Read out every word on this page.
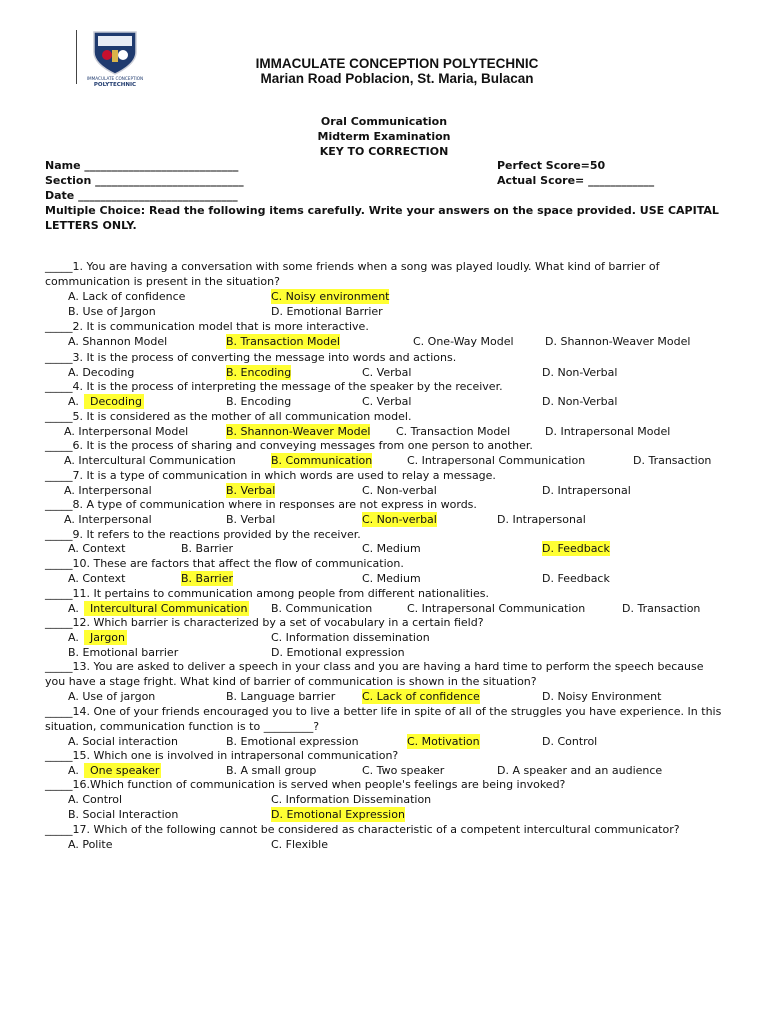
IMMACULATE CONCEPTION
POLYTECHNIC
IMMACULATE CONCEPTION POLYTECHNIC
Marian Road Poblacion, St. Maria, Bulacan
Oral Communication
Midterm Examination
KEY TO CORRECTION
Name ____________________________
Section ___________________________
Date _____________________________
Perfect Score=50
Actual Score= ____________
Multiple Choice: Read the following items carefully. Write your answers on the space provided. USE CAPITAL LETTERS ONLY.
_____1. You are having a conversation with some friends when a song was played loudly. What kind of barrier of communication is present in the situation?
A. Lack of confidence	C. Noisy environment
B. Use of Jargon	D. Emotional Barrier
_____2. It is communication model that is more interactive.
A. Shannon Model	B. Transaction Model	C. One-Way Model	D. Shannon-Weaver Model
_____3. It is the process of converting the message into words and actions.
A. Decoding	B. Encoding	C. Verbal	D. Non-Verbal
_____4. It is the process of interpreting the message of the speaker by the receiver.
A.	Decoding	B. Encoding	C. Verbal	D. Non-Verbal
_____5. It is considered as the mother of all communication model.
A. Interpersonal Model	B. Shannon-Weaver Model C. Transaction Model	D. Intrapersonal Model
_____6. It is the process of sharing and conveying messages from one person to another.
A. Intercultural Communication	B. Communication	C. Intrapersonal Communication	D. Transaction
_____7. It is a type of communication in which words are used to relay a message.
A. Interpersonal	B. Verbal	C. Non-verbal	D. Intrapersonal
_____8. A type of communication where in responses are not express in words.
A. Interpersonal	B. Verbal	C. Non-verbal	D. Intrapersonal
_____9. It refers to the reactions provided by the receiver.
A. Context	B. Barrier	C. Medium	D. Feedback
_____10. These are factors that affect the flow of communication.
A. Context	B. Barrier	C. Medium	D. Feedback
_____11. It pertains to communication among people from different nationalities.
A.	Intercultural Communication B. Communication	C. Intrapersonal Communication	D. Transaction
_____12. Which barrier is characterized by a set of vocabulary in a certain field?
A.	Jargon	C. Information dissemination
B. Emotional barrier	D. Emotional expression
_____13. You are asked to deliver a speech in your class and you are having a hard time to perform the speech because you have a stage fright. What kind of barrier of communication is shown in the situation?
A. Use of jargon	B. Language barrier C. Lack of confidence	D. Noisy Environment
_____14. One of your friends encouraged you to live a better life in spite of all of the struggles you have experience. In this situation, communication function is to _________?
A. Social interaction	B. Emotional expression	C. Motivation	D. Control
_____15. Which one is involved in intrapersonal communication?
A.	One speaker	B. A small group	C. Two speaker	D. A speaker and an audience
_____16.Which function of communication is served when people's feelings are being invoked?
A. Control	C. Information Dissemination
B. Social Interaction	D. Emotional Expression
_____17. Which of the following cannot be considered as characteristic of a competent intercultural communicator?
A. Polite	C. Flexible
